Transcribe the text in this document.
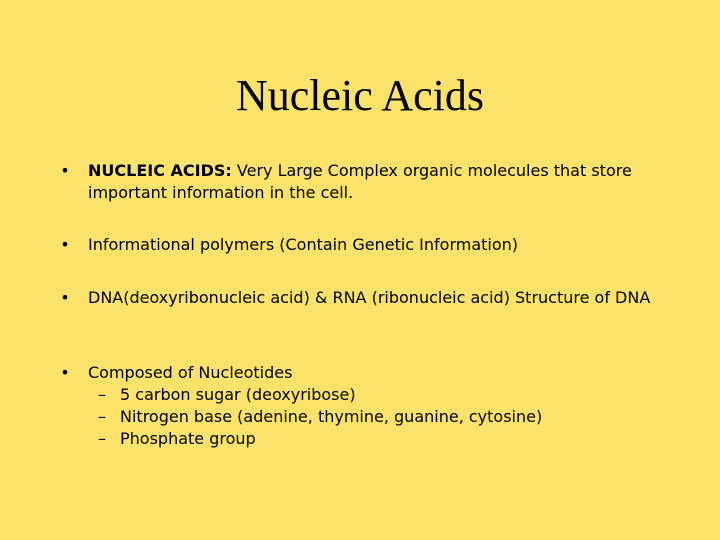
Nucleic Acids
• NUCLEIC ACIDS: Very Large Complex organic molecules that store important information in the cell.
• Informational polymers (Contain Genetic Information)
• DNA(deoxyribonucleic acid) & RNA (ribonucleic acid) Structure of DNA
• Composed of Nucleotides
– 5 carbon sugar (deoxyribose)
– Nitrogen base (adenine, thymine, guanine, cytosine)
– Phosphate group
